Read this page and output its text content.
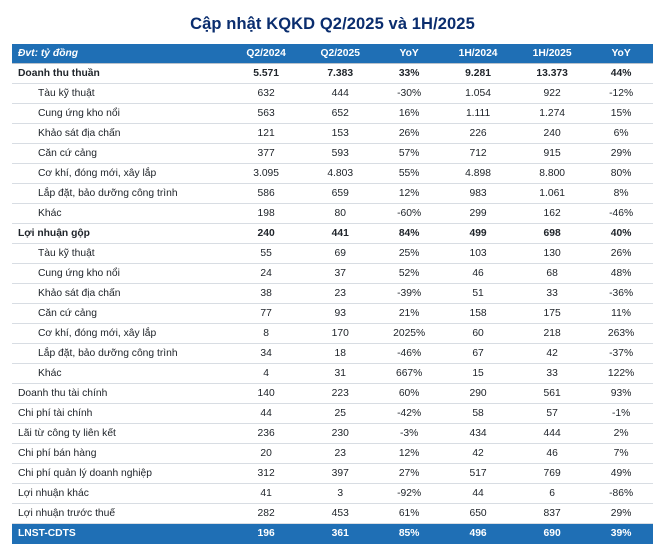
Cập nhật KQKD Q2/2025 và 1H/2025
Đvt: tỷ đồng	Q2/2024	Q2/2025	YoY	1H/2024	1H/2025	YoY
Doanh thu thuần	5.571	7.383	33%	9.281	13.373	44%
Tàu kỹ thuật	632	444	-30%	1.054	922	-12%
Cung ứng kho nổi	563	652	16%	1.111	1.274	15%
Khảo sát địa chấn	121	153	26%	226	240	6%
Căn cứ cảng	377	593	57%	712	915	29%
Cơ khí, đóng mới, xây lắp	3.095	4.803	55%	4.898	8.800	80%
Lắp đặt, bảo dưỡng công trình	586	659	12%	983	1.061	8%
Khác	198	80	-60%	299	162	-46%
Lợi nhuận gộp	240	441	84%	499	698	40%
Tàu kỹ thuật	55	69	25%	103	130	26%
Cung ứng kho nổi	24	37	52%	46	68	48%
Khảo sát địa chấn	38	23	-39%	51	33	-36%
Căn cứ cảng	77	93	21%	158	175	11%
Cơ khí, đóng mới, xây lắp	8	170	2025%	60	218	263%
Lắp đặt, bảo dưỡng công trình	34	18	-46%	67	42	-37%
Khác	4	31	667%	15	33	122%
Doanh thu tài chính	140	223	60%	290	561	93%
Chi phí tài chính	44	25	-42%	58	57	-1%
Lãi từ công ty liên kết	236	230	-3%	434	444	2%
Chi phí bán hàng	20	23	12%	42	46	7%
Chi phí quản lý doanh nghiệp	312	397	27%	517	769	49%
Lợi nhuận khác	41	3	-92%	44	6	-86%
Lợi nhuận trước thuế	282	453	61%	650	837	29%
LNST-CDTS	196	361	85%	496	690	39%
